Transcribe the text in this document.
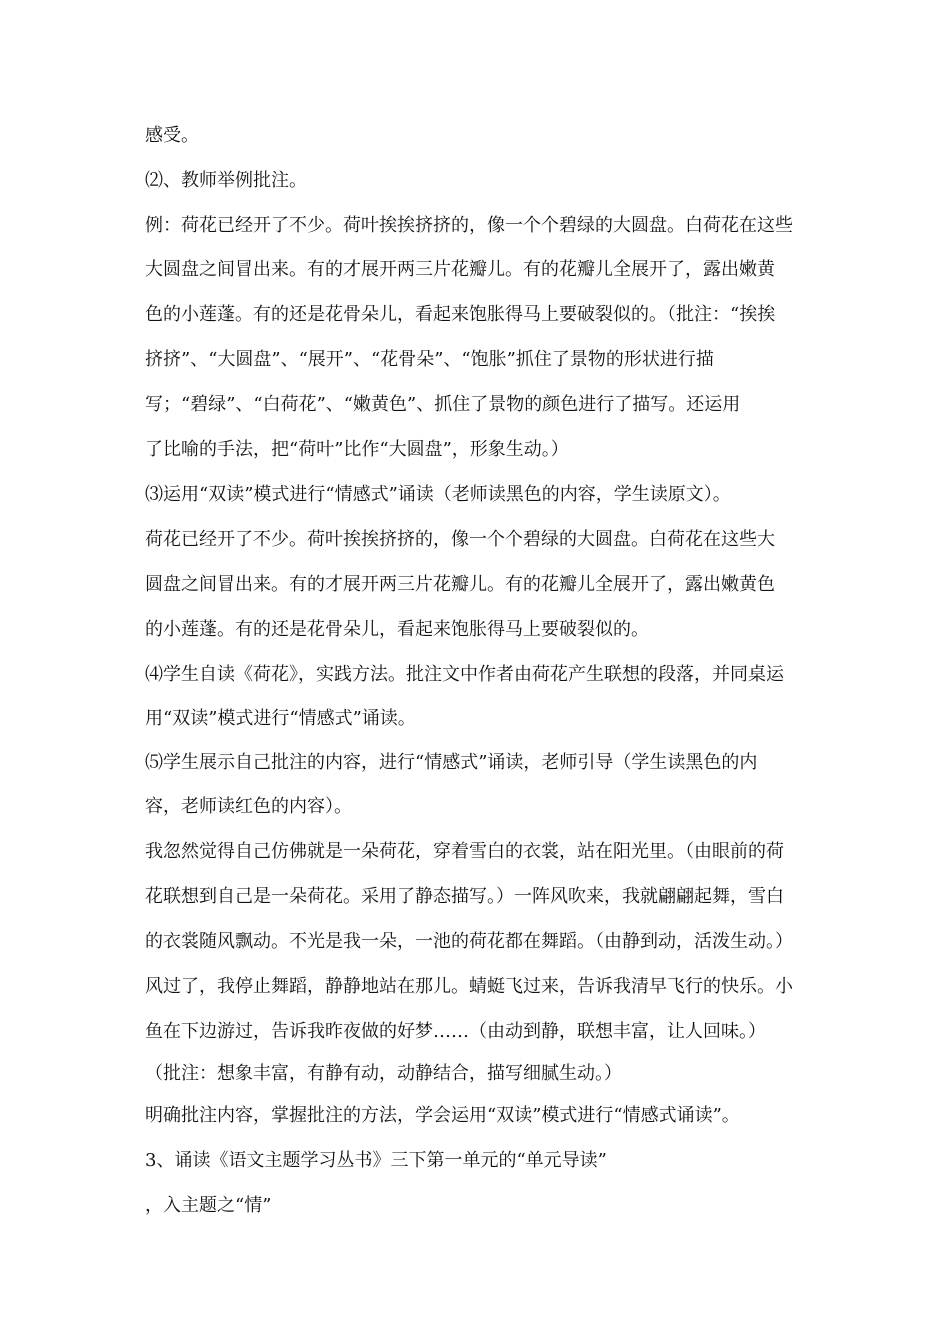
感受。
⑵、教师举例批注。
例：荷花已经开了不少。荷叶挨挨挤挤的，像一个个碧绿的大圆盘。白荷花在这些
大圆盘之间冒出来。有的才展开两三片花瓣儿。有的花瓣儿全展开了，露出嫩黄
色的小莲蓬。有的还是花骨朵儿，看起来饱胀得马上要破裂似的。（批注：“挨挨
挤挤”、“大圆盘”、“展开”、“花骨朵”、“饱胀”抓住了景物的形状进行描
写；“碧绿”、“白荷花”、“嫩黄色”、抓住了景物的颜色进行了描写。还运用
了比喻的手法，把“荷叶”比作“大圆盘”，形象生动。）
⑶运用“双读”模式进行“情感式”诵读（老师读黑色的内容，学生读原文）。
荷花已经开了不少。荷叶挨挨挤挤的，像一个个碧绿的大圆盘。白荷花在这些大
圆盘之间冒出来。有的才展开两三片花瓣儿。有的花瓣儿全展开了，露出嫩黄色
的小莲蓬。有的还是花骨朵儿，看起来饱胀得马上要破裂似的。
⑷学生自读《荷花》，实践方法。批注文中作者由荷花产生联想的段落，并同桌运
用“双读”模式进行“情感式”诵读。
⑸学生展示自己批注的内容，进行“情感式”诵读，老师引导（学生读黑色的内
容，老师读红色的内容）。
我忽然觉得自己仿佛就是一朵荷花，穿着雪白的衣裳，站在阳光里。（由眼前的荷
花联想到自己是一朵荷花。采用了静态描写。）一阵风吹来，我就翩翩起舞，雪白
的衣裳随风飘动。不光是我一朵，一池的荷花都在舞蹈。（由静到动，活泼生动。）
风过了，我停止舞蹈，静静地站在那儿。蜻蜓飞过来，告诉我清早飞行的快乐。小
鱼在下边游过，告诉我昨夜做的好梦……（由动到静，联想丰富，让人回味。）
（批注：想象丰富，有静有动，动静结合，描写细腻生动。）
明确批注内容，掌握批注的方法，学会运用“双读”模式进行“情感式诵读”。
3、诵读《语文主题学习丛书》三下第一单元的“单元导读”
，入主题之“情”
